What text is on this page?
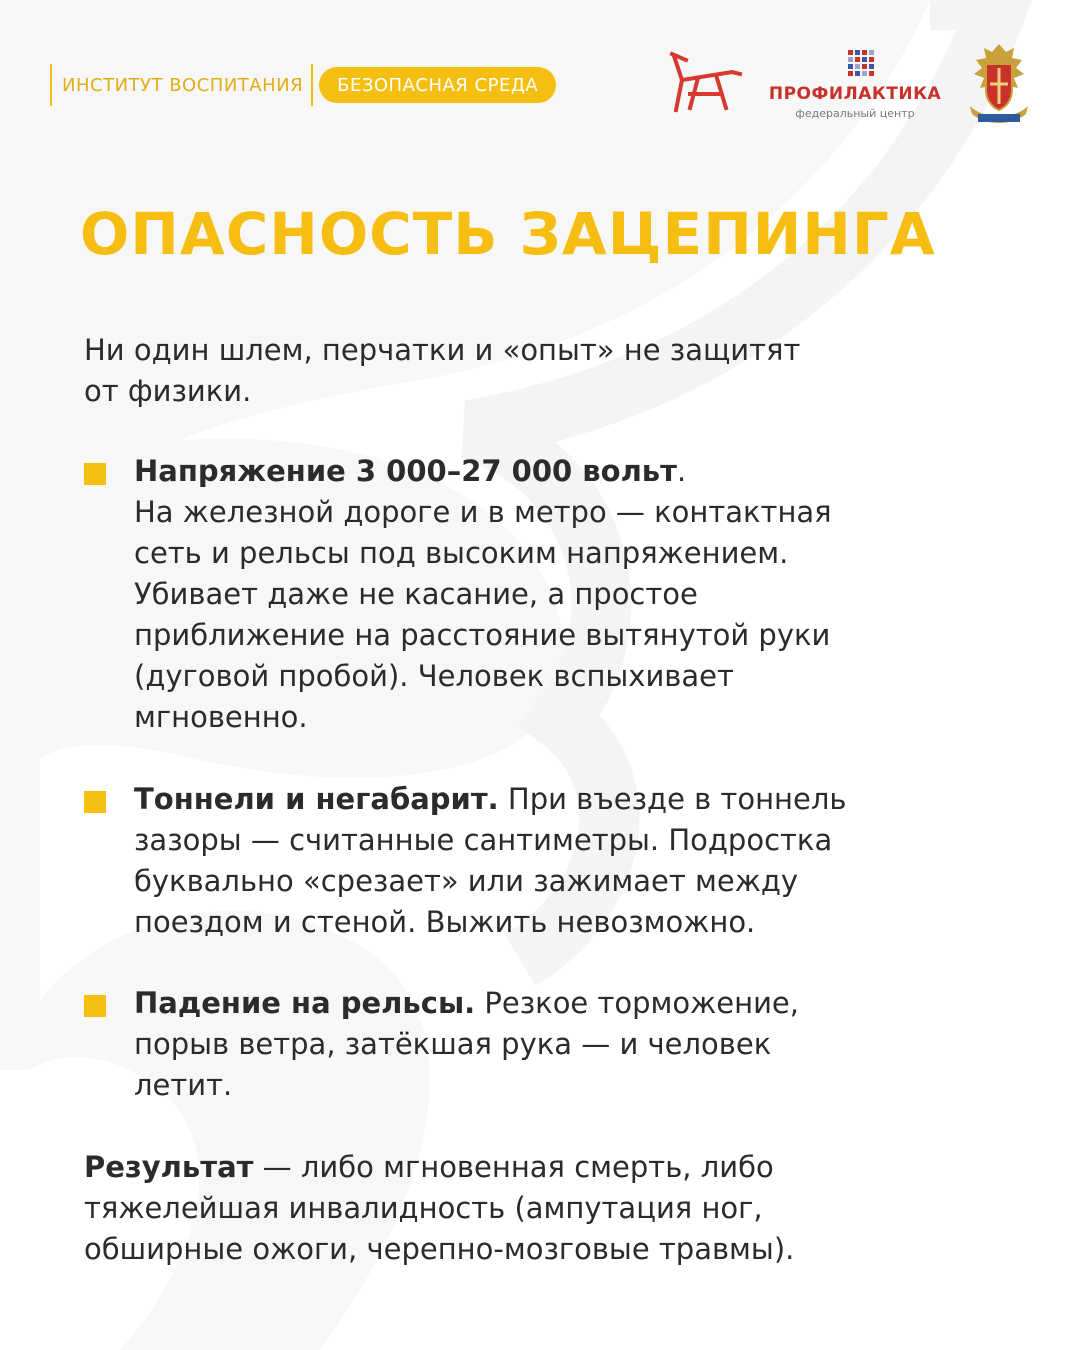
ИНСТИТУТ ВОСПИТАНИЯ	БЕЗОПАСНАЯ СРЕДА	ПРОФИЛАКТИКА
федеральный центр
ОПАСНОСТЬ ЗАЦЕПИНГА
Ни один шлем, перчатки и «опыт» не защитят
от физики.
Напряжение 3 000–27 000 вольт.
На железной дороге и в метро — контактная
сеть и рельсы под высоким напряжением.
Убивает даже не касание, а простое
приближение на расстояние вытянутой руки
(дуговой пробой). Человек вспыхивает
мгновенно.
Тоннели и негабарит. При въезде в тоннель
зазоры — считанные сантиметры. Подростка
буквально «срезает» или зажимает между
поездом и стеной. Выжить невозможно.
Падение на рельсы. Резкое торможение,
порыв ветра, затёкшая рука — и человек
летит.
Результат — либо мгновенная смерть, либо
тяжелейшая инвалидность (ампутация ног,
обширные ожоги, черепно-мозговые травмы).
